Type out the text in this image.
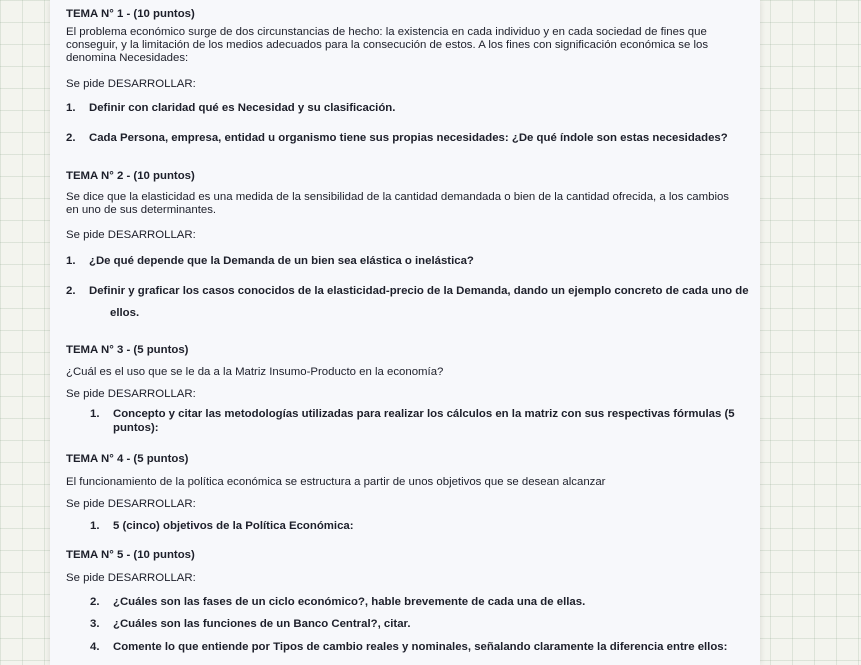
TEMA N° 1 - (10 puntos)
El problema económico surge de dos circunstancias de hecho: la existencia en cada individuo y en cada sociedad de fines que
conseguir, y la limitación de los medios adecuados para la consecución de estos. A los fines con significación económica se los
denomina Necesidades:
Se pide DESARROLLAR:
1. Definir con claridad qué es Necesidad y su clasificación.
2. Cada Persona, empresa, entidad u organismo tiene sus propias necesidades: ¿De qué índole son estas necesidades?
TEMA N° 2 - (10 puntos)
Se dice que la elasticidad es una medida de la sensibilidad de la cantidad demandada o bien de la cantidad ofrecida, a los cambios
en uno de sus determinantes.
Se pide DESARROLLAR:
1. ¿De qué depende que la Demanda de un bien sea elástica o inelástica?
2. Definir y graficar los casos conocidos de la elasticidad-precio de la Demanda, dando un ejemplo concreto de cada uno de
ellos.
TEMA N° 3 - (5 puntos)
¿Cuál es el uso que se le da a la Matriz Insumo-Producto en la economía?
Se pide DESARROLLAR:
1. Concepto y citar las metodologías utilizadas para realizar los cálculos en la matriz con sus respectivas fórmulas (5
puntos):
TEMA N° 4 - (5 puntos)
El funcionamiento de la política económica se estructura a partir de unos objetivos que se desean alcanzar
Se pide DESARROLLAR:
1. 5 (cinco) objetivos de la Política Económica:
TEMA N° 5 - (10 puntos)
Se pide DESARROLLAR:
2. ¿Cuáles son las fases de un ciclo económico?, hable brevemente de cada una de ellas.
3. ¿Cuáles son las funciones de un Banco Central?, citar.
4. Comente lo que entiende por Tipos de cambio reales y nominales, señalando claramente la diferencia entre ellos:
